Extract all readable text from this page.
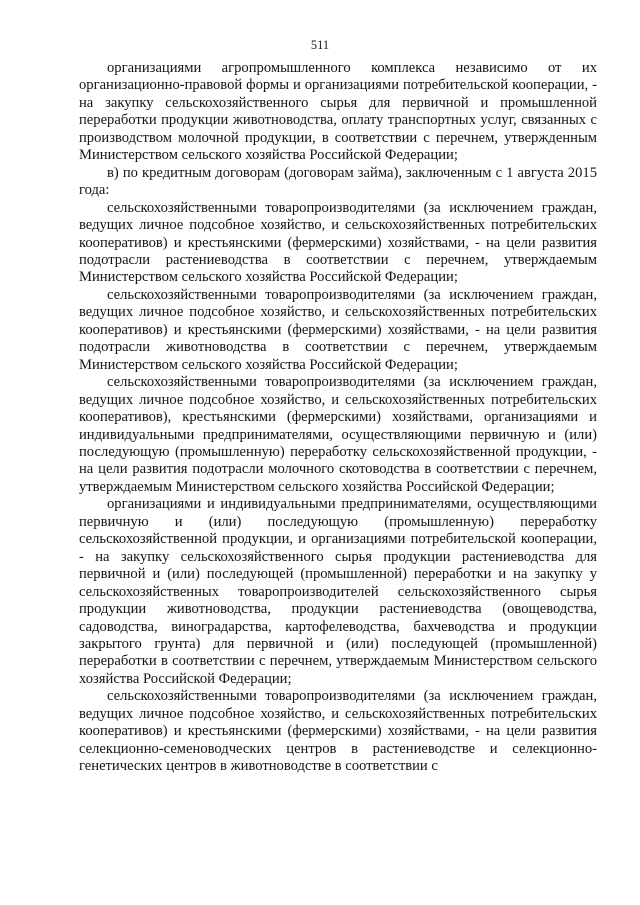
511

организациями агропромышленного комплекса независимо от их организационно-правовой формы и организациями потребительской кооперации, - на закупку сельскохозяйственного сырья для первичной и промышленной переработки продукции животноводства, оплату транспортных услуг, связанных с производством молочной продукции, в соответствии с перечнем, утвержденным Министерством сельского хозяйства Российской Федерации;

в) по кредитным договорам (договорам займа), заключенным с 1 августа 2015 года:

сельскохозяйственными товаропроизводителями (за исключением граждан, ведущих личное подсобное хозяйство, и сельскохозяйственных потребительских кооперативов) и крестьянскими (фермерскими) хозяйствами, - на цели развития подотрасли растениеводства в соответствии с перечнем, утверждаемым Министерством сельского хозяйства Российской Федерации;

сельскохозяйственными товаропроизводителями (за исключением граждан, ведущих личное подсобное хозяйство, и сельскохозяйственных потребительских кооперативов) и крестьянскими (фермерскими) хозяйствами, - на цели развития подотрасли животноводства в соответствии с перечнем, утверждаемым Министерством сельского хозяйства Российской Федерации;

сельскохозяйственными товаропроизводителями (за исключением граждан, ведущих личное подсобное хозяйство, и сельскохозяйственных потребительских кооперативов), крестьянскими (фермерскими) хозяйствами, организациями и индивидуальными предпринимателями, осуществляющими первичную и (или) последующую (промышленную) переработку сельскохозяйственной продукции, - на цели развития подотрасли молочного скотоводства в соответствии с перечнем, утверждаемым Министерством сельского хозяйства Российской Федерации;

организациями и индивидуальными предпринимателями, осуществляющими первичную и (или) последующую (промышленную) переработку сельскохозяйственной продукции, и организациями потребительской кооперации, - на закупку сельскохозяйственного сырья продукции растениеводства для первичной и (или) последующей (промышленной) переработки и на закупку у сельскохозяйственных товаропроизводителей сельскохозяйственного сырья продукции животноводства, продукции растениеводства (овощеводства, садоводства, виноградарства, картофелеводства, бахчеводства и продукции закрытого грунта) для первичной и (или) последующей (промышленной) переработки в соответствии с перечнем, утверждаемым Министерством сельского хозяйства Российской Федерации;

сельскохозяйственными товаропроизводителями (за исключением граждан, ведущих личное подсобное хозяйство, и сельскохозяйственных потребительских кооперативов) и крестьянскими (фермерскими) хозяйствами, - на цели развития селекционно-семеноводческих центров в растениеводстве и селекционно-генетических центров в животноводстве в соответствии с
